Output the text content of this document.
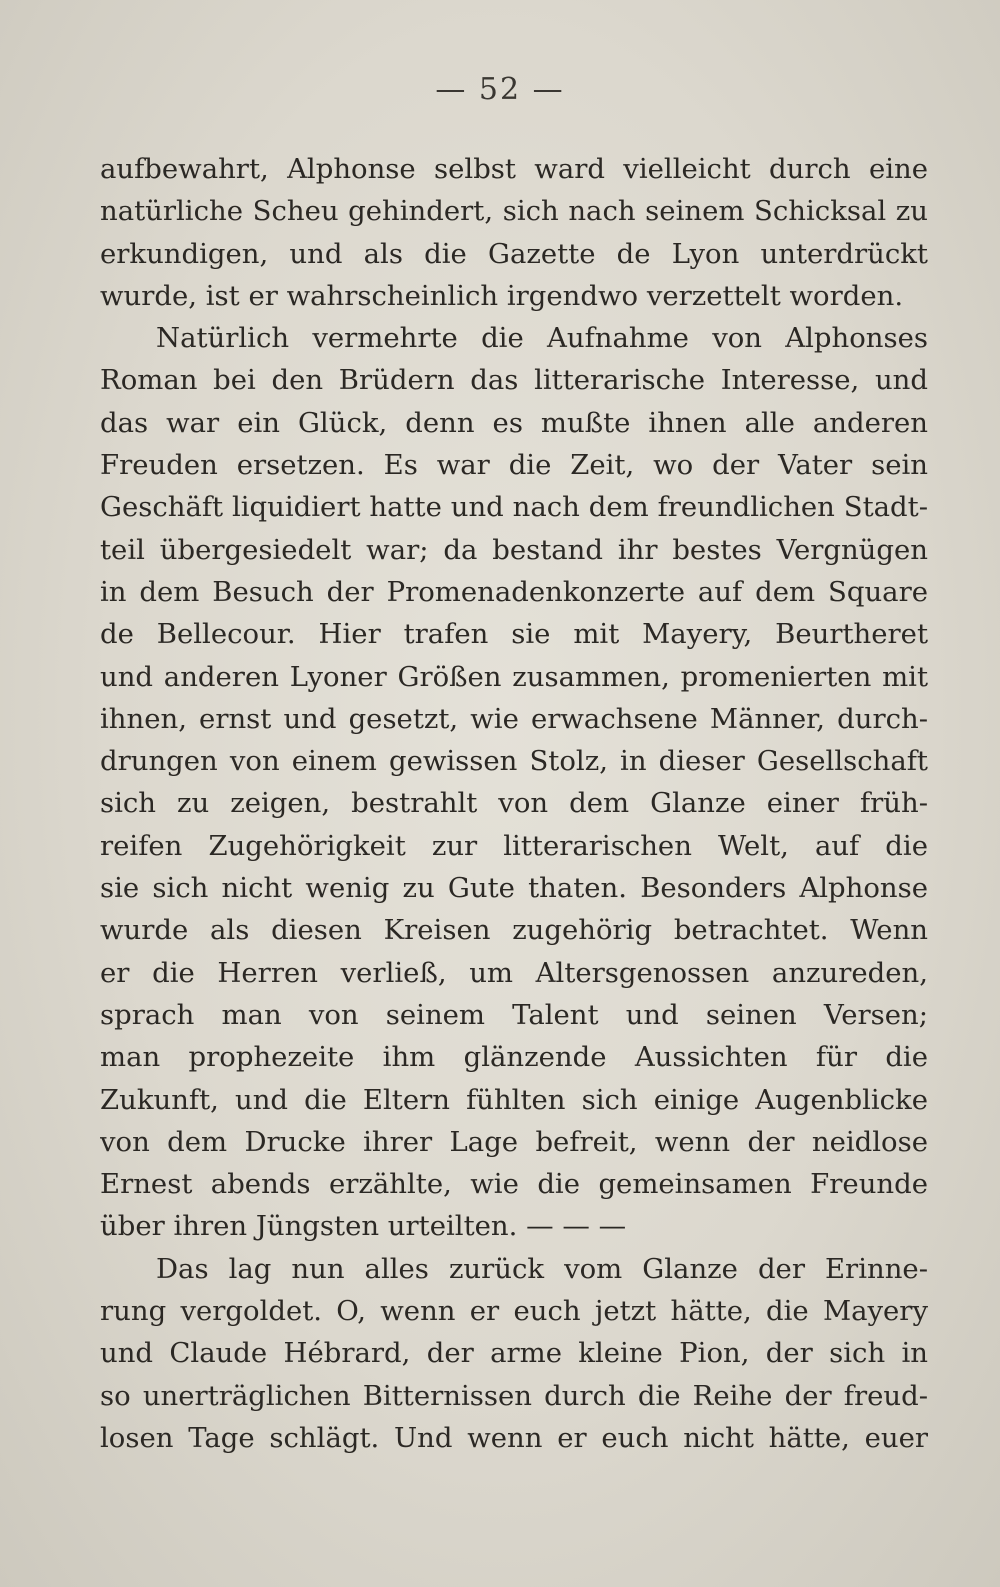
— 52 —
aufbewahrt, Alphonse selbst ward vielleicht durch eine
natürliche Scheu gehindert, sich nach seinem Schicksal zu
erkundigen, und als die Gazette de Lyon unterdrückt
wurde, ist er wahrscheinlich irgendwo verzettelt worden.
Natürlich vermehrte die Aufnahme von Alphonses
Roman bei den Brüdern das litterarische Interesse, und
das war ein Glück, denn es mußte ihnen alle anderen
Freuden ersetzen. Es war die Zeit, wo der Vater sein
Geschäft liquidiert hatte und nach dem freundlichen Stadt-
teil übergesiedelt war; da bestand ihr bestes Vergnügen
in dem Besuch der Promenadenkonzerte auf dem Square
de Bellecour. Hier trafen sie mit Mayery, Beurtheret
und anderen Lyoner Größen zusammen, promenierten mit
ihnen, ernst und gesetzt, wie erwachsene Männer, durch-
drungen von einem gewissen Stolz, in dieser Gesellschaft
sich zu zeigen, bestrahlt von dem Glanze einer früh-
reifen Zugehörigkeit zur litterarischen Welt, auf die
sie sich nicht wenig zu Gute thaten. Besonders Alphonse
wurde als diesen Kreisen zugehörig betrachtet. Wenn
er die Herren verließ, um Altersgenossen anzureden,
sprach man von seinem Talent und seinen Versen;
man prophezeite ihm glänzende Aussichten für die
Zukunft, und die Eltern fühlten sich einige Augenblicke
von dem Drucke ihrer Lage befreit, wenn der neidlose
Ernest abends erzählte, wie die gemeinsamen Freunde
über ihren Jüngsten urteilten. — — —
Das lag nun alles zurück vom Glanze der Erinne-
rung vergoldet. O, wenn er euch jetzt hätte, die Mayery
und Claude Hébrard, der arme kleine Pion, der sich in
so unerträglichen Bitternissen durch die Reihe der freud-
losen Tage schlägt. Und wenn er euch nicht hätte, euer
